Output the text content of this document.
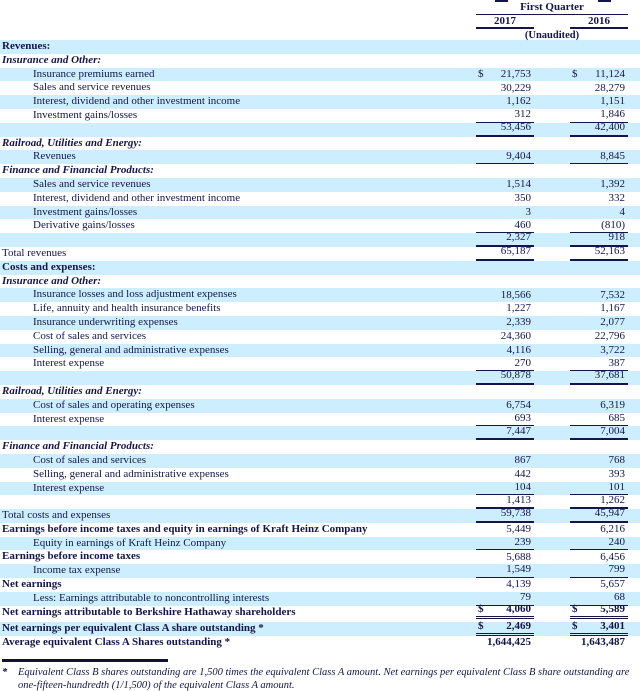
First Quarter
2017	2016
(Unaudited)
Revenues:
Insurance and Other:
Insurance premiums earned	$ 21,753	$ 11,124
Sales and service revenues	30,229	28,279
Interest, dividend and other investment income	1,162	1,151
Investment gains/losses	312	1,846
53,456	42,400
Railroad, Utilities and Energy:
Revenues	9,404	8,845
Finance and Financial Products:
Sales and service revenues	1,514	1,392
Interest, dividend and other investment income	350	332
Investment gains/losses	3	4
Derivative gains/losses	460	(810)
2,327	918
Total revenues	65,187	52,163
Costs and expenses:
Insurance and Other:
Insurance losses and loss adjustment expenses	18,566	7,532
Life, annuity and health insurance benefits	1,227	1,167
Insurance underwriting expenses	2,339	2,077
Cost of sales and services	24,360	22,796
Selling, general and administrative expenses	4,116	3,722
Interest expense	270	387
50,878	37,681
Railroad, Utilities and Energy:
Cost of sales and operating expenses	6,754	6,319
Interest expense	693	685
7,447	7,004
Finance and Financial Products:
Cost of sales and services	867	768
Selling, general and administrative expenses	442	393
Interest expense	104	101
1,413	1,262
Total costs and expenses	59,738	45,947
Earnings before income taxes and equity in earnings of Kraft Heinz Company	5,449	6,216
Equity in earnings of Kraft Heinz Company	239	240
Earnings before income taxes	5,688	6,456
Income tax expense	1,549	799
Net earnings	4,139	5,657
Less: Earnings attributable to noncontrolling interests	79	68
Net earnings attributable to Berkshire Hathaway shareholders	$ 4,060	$ 5,589
Net earnings per equivalent Class A share outstanding *	$ 2,469	$ 3,401
Average equivalent Class A Shares outstanding *	1,644,425	1,643,487
*	Equivalent Class B shares outstanding are 1,500 times the equivalent Class A amount. Net earnings per equivalent Class B share outstanding are one-fifteen-hundredth (1/1,500) of the equivalent Class A amount.
